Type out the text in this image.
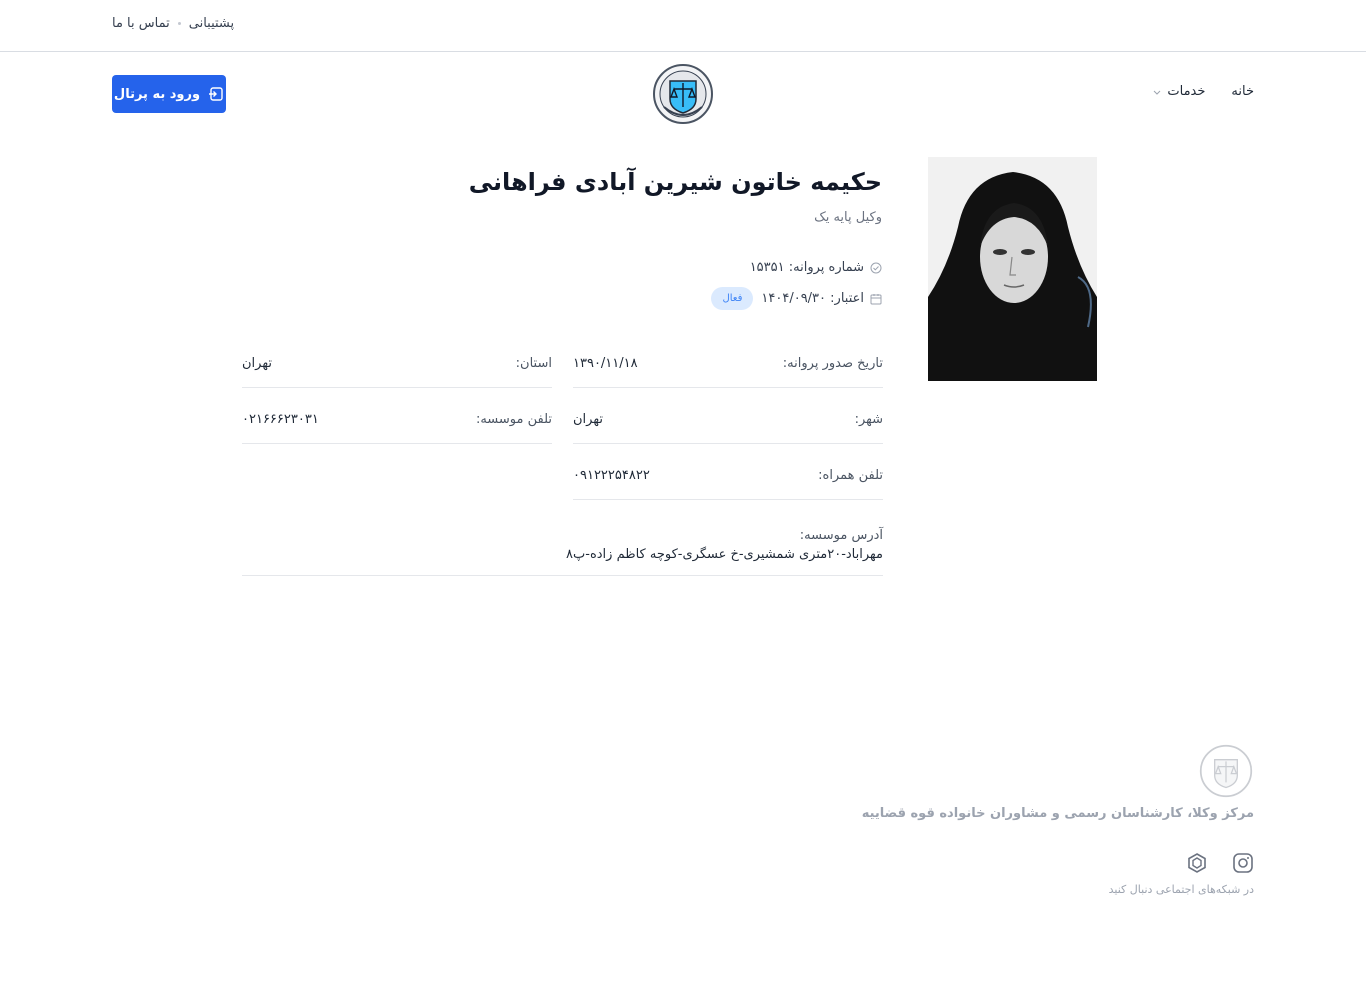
پشتیبانی
تماس با ما
ورود به پرتال	خانه
خدمات
حکیمه خاتون شیرین آبادی فراهانی
وکیل پایه یک
شماره پروانه: ۱۵۳۵۱
اعتبار: ۱۴۰۴/۰۹/۳۰
فعال
تاریخ صدور پروانه:
۱۳۹۰/۱۱/۱۸
استان:
تهران
شهر:
تهران
تلفن موسسه:
۰۲۱۶۶۶۲۳۰۳۱
تلفن همراه:
۰۹۱۲۲۲۵۴۸۲۲
آدرس موسسه:
مهراباد-۲۰متری شمشیری-خ عسگری-کوچه کاظم زاده-پ۸
مرکز وکلا، کارشناسان رسمی و مشاوران خانواده قوه قضاییه
در شبکه‌های اجتماعی دنبال کنید
